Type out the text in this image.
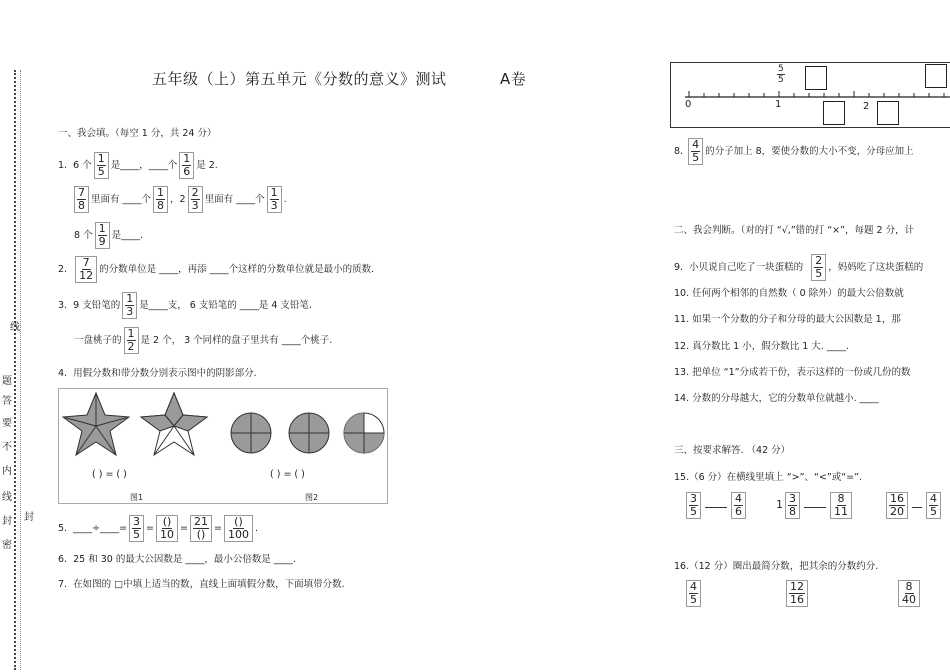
线
题
答
要
不
内
线
封
密
封
五年级（上）第五单元《分数的意义》测试	A卷
一、我会填。（每空 1 分，共 24 分）
1. 6 个 $\frac{1}{5}$ 是____，____个 $\frac{1}{6}$ 是 2.
$\frac{7}{8}$ 里面有 ____个 $\frac{1}{8}$ ，$2 \frac{2}{3}$ 里面有 ____个 $\frac{1}{3}$ .
8 个 $\frac{1}{9}$ 是____.
2. $\frac{7}{12}$ 的分数单位是 ____，再添 ____个这样的分数单位就是最小的质数.
3. 9 支铅笔的 $\frac{1}{3}$ 是____支， 6 支铅笔的 ____是 4 支铅笔.
一盘桃子的 $\frac{1}{2}$ 是 2 个， 3 个同样的盘子里共有 ____个桃子.
4. 用假分数和带分数分别表示图中的阴影部分.
( ) = ( )
图1
( ) = ( )
图2
5. ____÷____= $\frac{3}{5} = \frac{()}{10} = \frac{21}{()} = \frac{()}{100}$ .
6. 25 和 30 的最大公因数是 ____，最小公倍数是 ____.
7. 在如图的 □中填上适当的数，直线上面填假分数，下面填带分数.
0	1	2
$\frac{5}{5}$
8. $\frac{4}{5}$ 的分子加上 8，要使分数的大小不变，分母应加上
二、我会判断。（对的打 “√,”错的打 “×”，每题 2 分，计
9. 小贝说自己吃了一块蛋糕的 $\frac{2}{5}$ ，妈妈吃了这块蛋糕的
10. 任何两个相邻的自然数（ 0 除外）的最大公倍数就
11. 如果一个分数的分子和分母的最大公因数是 1，那
12. 真分数比 1 小，假分数比 1 大. ____.
13. 把单位 “1”分成若干份，表示这样的一份或几份的数
14. 分数的分母越大，它的分数单位就越小. ____
三、按要求解答. （42 分）
15.（6 分）在横线里填上 “>”、“<”或“=”.
$\frac{3}{5}$	$\frac{4}{6}$	$1 \frac{3}{8}$	$\frac{8}{11}$	$\frac{16}{20} \frac{4}{5}$
16.（12 分）圈出最简分数，把其余的分数约分.
$\frac{4}{5}$	$\frac{12}{16}$	$\frac{8}{40}$
